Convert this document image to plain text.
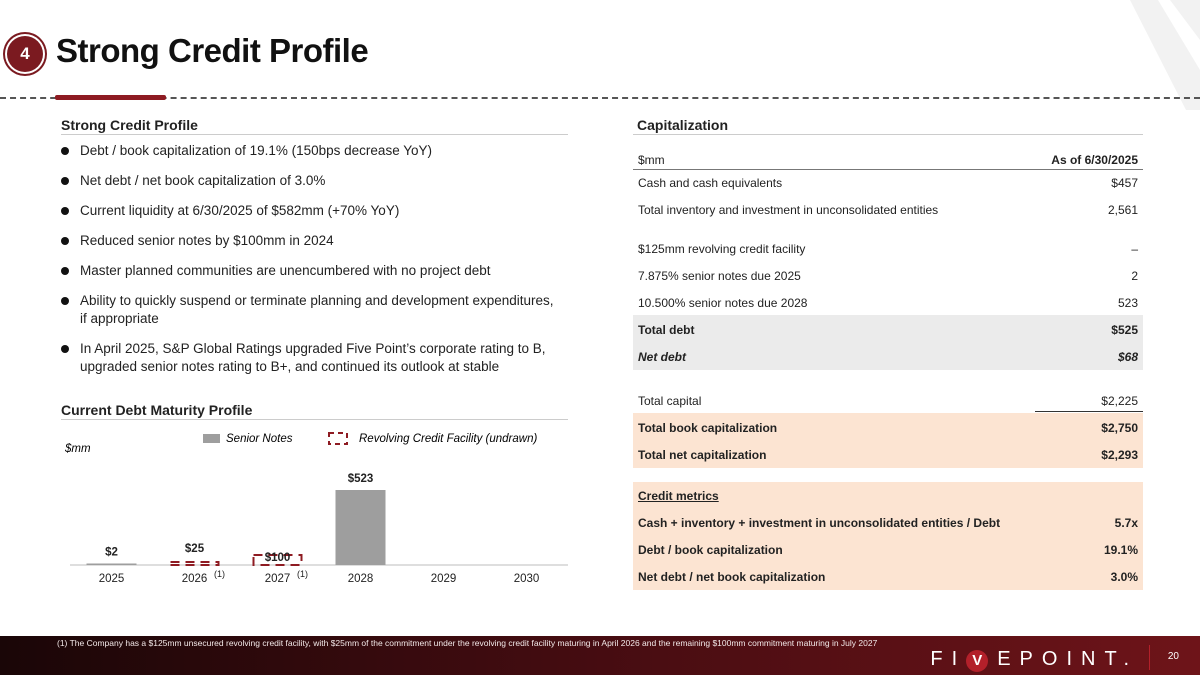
4 Strong Credit Profile
Strong Credit Profile
Debt / book capitalization of 19.1% (150bps decrease YoY)
Net debt / net book capitalization of 3.0%
Current liquidity at 6/30/2025 of $582mm (+70% YoY)
Reduced senior notes by $100mm in 2024
Master planned communities are unencumbered with no project debt
Ability to quickly suspend or terminate planning and development expenditures,
if appropriate
In April 2025, S&P Global Ratings upgraded Five Point’s corporate rating to B,
upgraded senior notes rating to B+, and continued its outlook at stable
Current Debt Maturity Profile
Senior Notes	Revolving Credit Facility (undrawn)
$mm
$2
2025
$25
2026 (1)
$100
2027 (1)
$523
2028	2029	2030
Capitalization
$mm	As of 6/30/2025
Cash and cash equivalents	$457
Total inventory and investment in unconsolidated entities	2,561
$125mm revolving credit facility	–
7.875% senior notes due 2025	2
10.500% senior notes due 2028	523
Total debt	$525
Net debt	$68
Total capital	$2,225
Total book capitalization	$2,750
Total net capitalization	$2,293
Credit metrics
Cash + inventory + investment in unconsolidated entities / Debt	5.7x
Debt / book capitalization	19.1%
Net debt / net book capitalization	3.0%
(1) The Company has a $125mm unsecured revolving credit facility, with $25mm of the commitment under the revolving credit facility maturing in April 2026 and the remaining $100mm commitment maturing in July 2027
FI V EPOINT.	20
